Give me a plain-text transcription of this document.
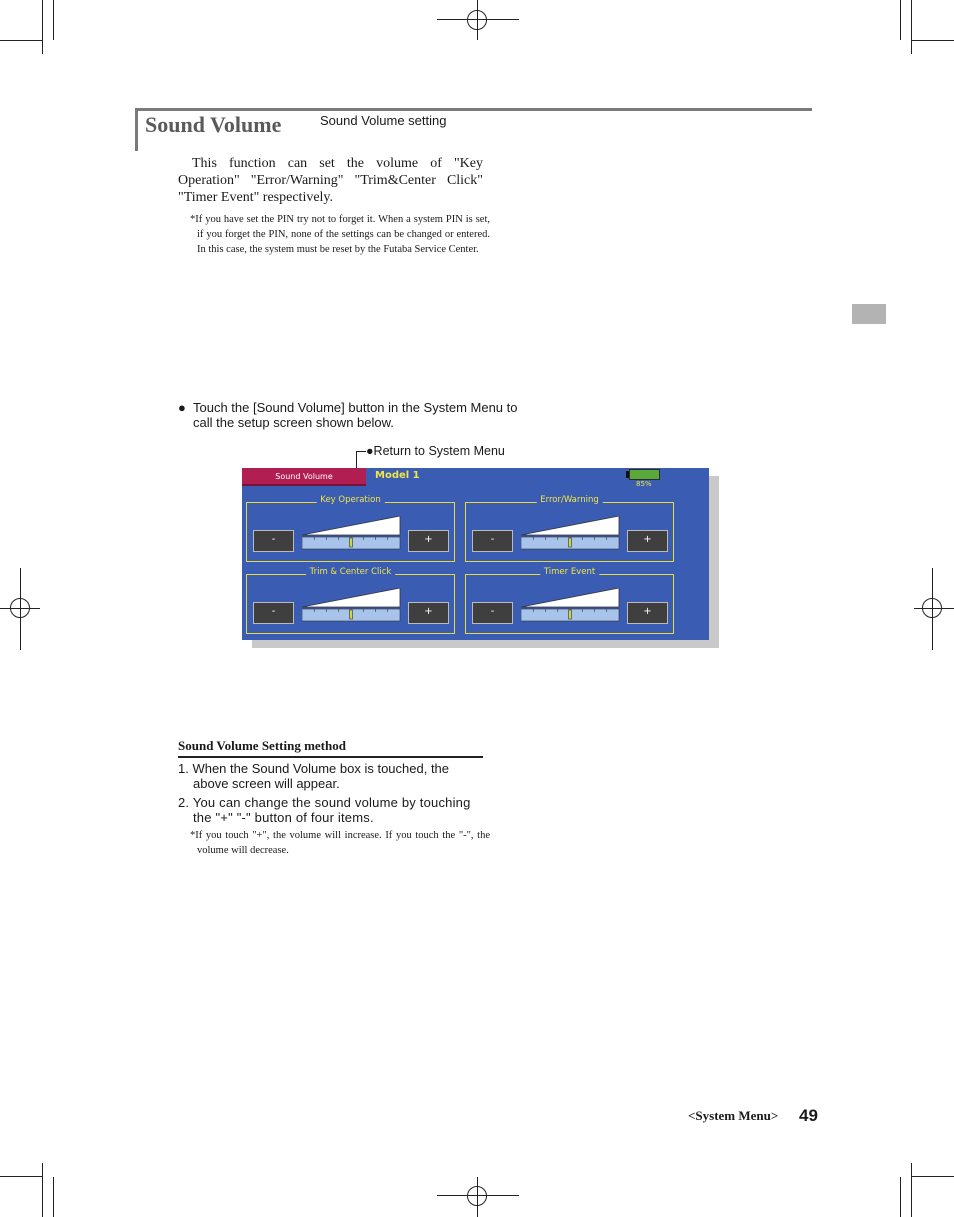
Sound Volume	Sound Volume setting
This function can set the volume of "Key Operation" "Error/Warning" "Trim&Center Click" "Timer Event" respectively.
*If you have set the PIN try not to forget it. When a system PIN is set, if you forget the PIN, none of the settings can be changed or entered. In this case, the system must be reset by the Futaba Service Center.
● Touch the [Sound Volume] button in the System Menu to call the setup screen shown below.
●Return to System Menu
Sound Volume	Model 1
85%
Key Operation
-	+
Error/Warning
-	+
Trim & Center Click
-	+
Timer Event
-	+
Sound Volume Setting method
1. When the Sound Volume box is touched, the above screen will appear.
2. You can change the sound volume by touching the "+" "-" button of four items.
*If you touch "+", the volume will increase. If you touch the "-", the volume will decrease.
<System Menu> 49
